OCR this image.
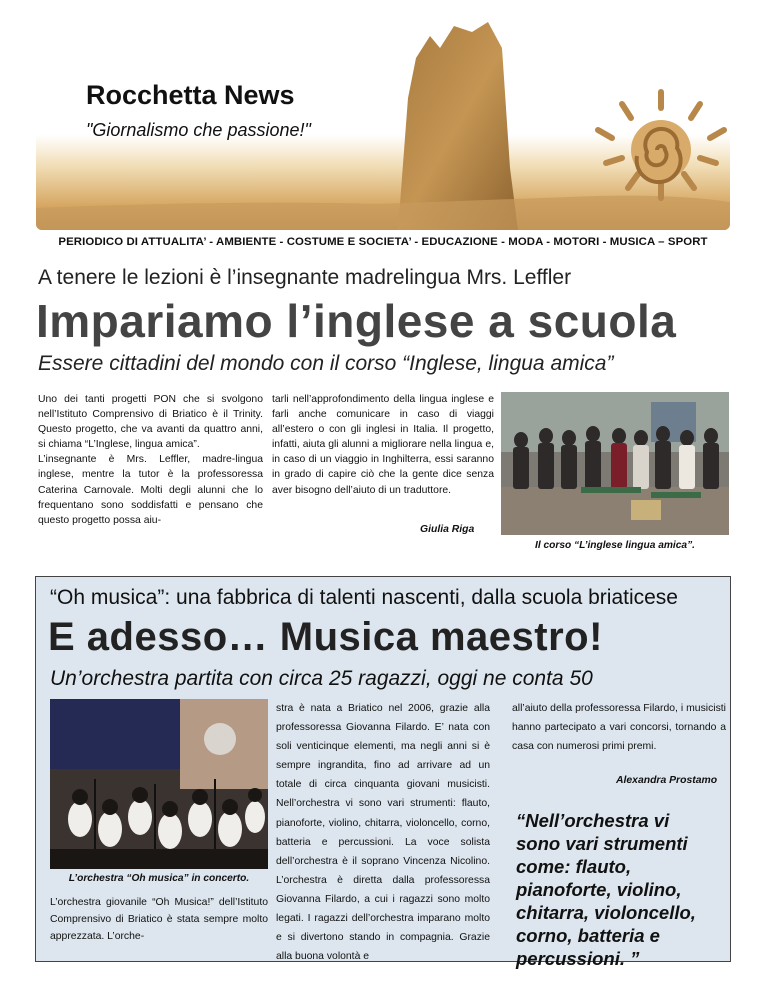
Rocchetta News
"Giornalismo che passione!"
PERIODICO DI ATTUALITA’ - AMBIENTE - COSTUME E SOCIETA’ - EDUCAZIONE - MODA - MOTORI - MUSICA – SPORT
A tenere le lezioni è l’insegnante madrelingua Mrs. Leffler
Impariamo l’inglese a scuola
Essere cittadini del mondo con il corso “Inglese, lingua amica”
Uno dei tanti progetti PON che si svolgono nell’Istituto Comprensivo di Briatico è il Trinity. Questo progetto, che va avanti da quattro anni, si chiama “L’Inglese, lingua amica”.
L’insegnante è Mrs. Leffler, madre-lingua inglese, mentre la tutor è la professoressa Caterina Carnovale. Molti degli alunni che lo frequentano sono soddisfatti e pensano che questo progetto possa aiu-
tarli nell’approfondimento della lingua inglese e farli anche comunicare in caso di viaggi all’estero o con gli inglesi in Italia. Il progetto, infatti, aiuta gli alunni a migliorare nella lingua e, in caso di un viaggio in Inghilterra, essi saranno in grado di capire ciò che la gente dice senza aver bisogno dell’aiuto di un traduttore.
Giulia Riga
Il corso “L’inglese lingua amica”.
“Oh musica”: una fabbrica di talenti nascenti, dalla scuola briaticese
E adesso… Musica maestro!
Un’orchestra partita con circa 25 ragazzi, oggi ne conta 50
L’orchestra “Oh musica” in concerto.
L’orchestra giovanile “Oh Musica!” dell’Istituto Comprensivo di Briatico è stata sempre molto apprezzata. L’orche-
stra è nata a Briatico nel 2006, grazie alla professoressa Giovanna Filardo. E’ nata con soli venticinque elementi, ma negli anni si è sempre ingrandita, fino ad arrivare ad un totale di circa cinquanta giovani musicisti. Nell’orchestra vi sono vari strumenti: flauto, pianoforte, violino, chitarra, violoncello, corno, batteria e percussioni. La voce solista dell’orchestra è il soprano Vincenza Nicolino. L’orchestra è diretta dalla professoressa Giovanna Filardo, a cui i ragazzi sono molto legati. I ragazzi dell’orchestra imparano molto e si divertono stando in compagnia. Grazie alla buona volontà e
all’aiuto della professoressa Filardo, i musicisti hanno partecipato a vari concorsi, tornando a casa con numerosi primi premi.
Alexandra Prostamo
“Nell’orchestra vi sono vari strumenti come: flauto, pianoforte, violino, chitarra, violoncello, corno, batteria e percussioni. ”
